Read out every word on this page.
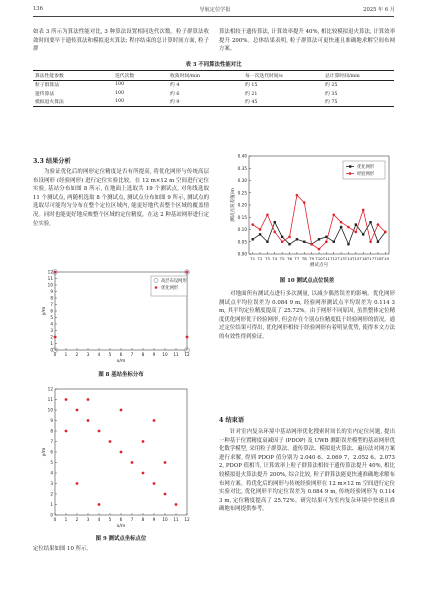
136	导航定位学报	2025 年 6 月

如表 3 所示为算法性能对比, 3 种算法设置相同迭代次数。粒子群算法收敛时间要早于遗传算法和模拟退火算法; 程序结束的总计算时间方面, 粒子群

算法相较于遗传算法, 计算效率提升 40%, 相比较模拟退火算法, 计算效率提升 200%。总体结果表明, 粒子群算法可更快速且准确地求解空间布网方案。

表 3 不同算法性能对比
算法性能参数	迭代次数	收敛时间/min	每一次迭代时间/s	总计算时间/min
粒子群算法	100	约 4	约 15	约 25
遗传算法	100	约 6	约 21	约 35
模拟退火算法	100	约 9	约 45	约 75
3.3 结果分析

为验证优化后的网形定位精度是否有所提高, 将优化网形与传统高层布设网形 (经验网形) 进行定位实验比较。在 12 m×12 m 空间进行定位实验, 基站分布如图 8 所示, 在地面上选取共 19 个测试点, 对角线选取 11 个测试点, 两随机选取 8 个测试点, 测试点分布如图 9 所示, 测试点的选取尽可能均匀分布在整个定位区域内, 能更好地代表整个区域的覆盖情况。同时也能更好地反映整个区域的定位精度。在这 2 种基站网形进行定位实验,

0 1 2 3 4 5 6 7 8 9 10 11 12
0
1
2
3
4
5
6
7
8
9
10
11
12
x/m
y/m
高层布设网形
优化网形
图 8 基站坐标分布
0 1 2 3 4 5 6 7 8 9 10 11 12
0
1
2
3
4
5
6
7
8
9
10
11
12
x/m
y/m
图 9 测试点坐标点位

定位结果如图 10 所示。

0.00
0.05
0.10
0.15
0.20
0.25
0.30
0.35
0.40
T1 T2 T3 T4 T5 T6 T7 T8 T9 T10 T11 T12 T13 T14 T15 T16 T17 T18 T19
测试点号
测试点误差值/m
优化网形
经验网形
图 10 测试点点位误差

对地面所有测试点进行多次测量, 以减少偶然误差的影响。优化网形测试点平均位误差为 0.084 9 m, 经验网形测试点平均误差为 0.114 3 m, 其平均定位精度提高了 25.72%。由于网形不同原因, 虽然整体定位精度优化网形优于经验网形, 但会存在个别点位精度低于经验网形的情况。通过定位结果可得出, 优化网形相较于经验网形有着明显优势, 使得本文方法的有效性得到验证。

4 结束语

针对室内复杂环境中基站网形优化搜索时间长的室内定位问题, 提出一种基于位置精度衰减因子 (PDOP) 及 UWB 测距误差模型的基站网形优化数学模型, 采用粒子群算法、遗传算法、模拟退火算法、遍历法对网方案进行求解, 得到 PDOP 值分别为 2.040 6、2.069 7、2.052 6、2.073 2, PDOP 值相当, 计算效率上粒子群算法相较于遗传算法提升 40%, 相比较模拟退火算法提升 200%, 综合比较, 粒子群算法能更快速准确地求解布布网方案。将优化后的网形与传统经验网形在 12 m×12 m 空间进行定位实验对比, 优化网形平均定位误差为 0.084 9 m, 传统经验网形为 0.114 3 m, 定位精度提高了 25.72%。研究结果可为室内复杂环境中快速且准确地布网提供参考。
